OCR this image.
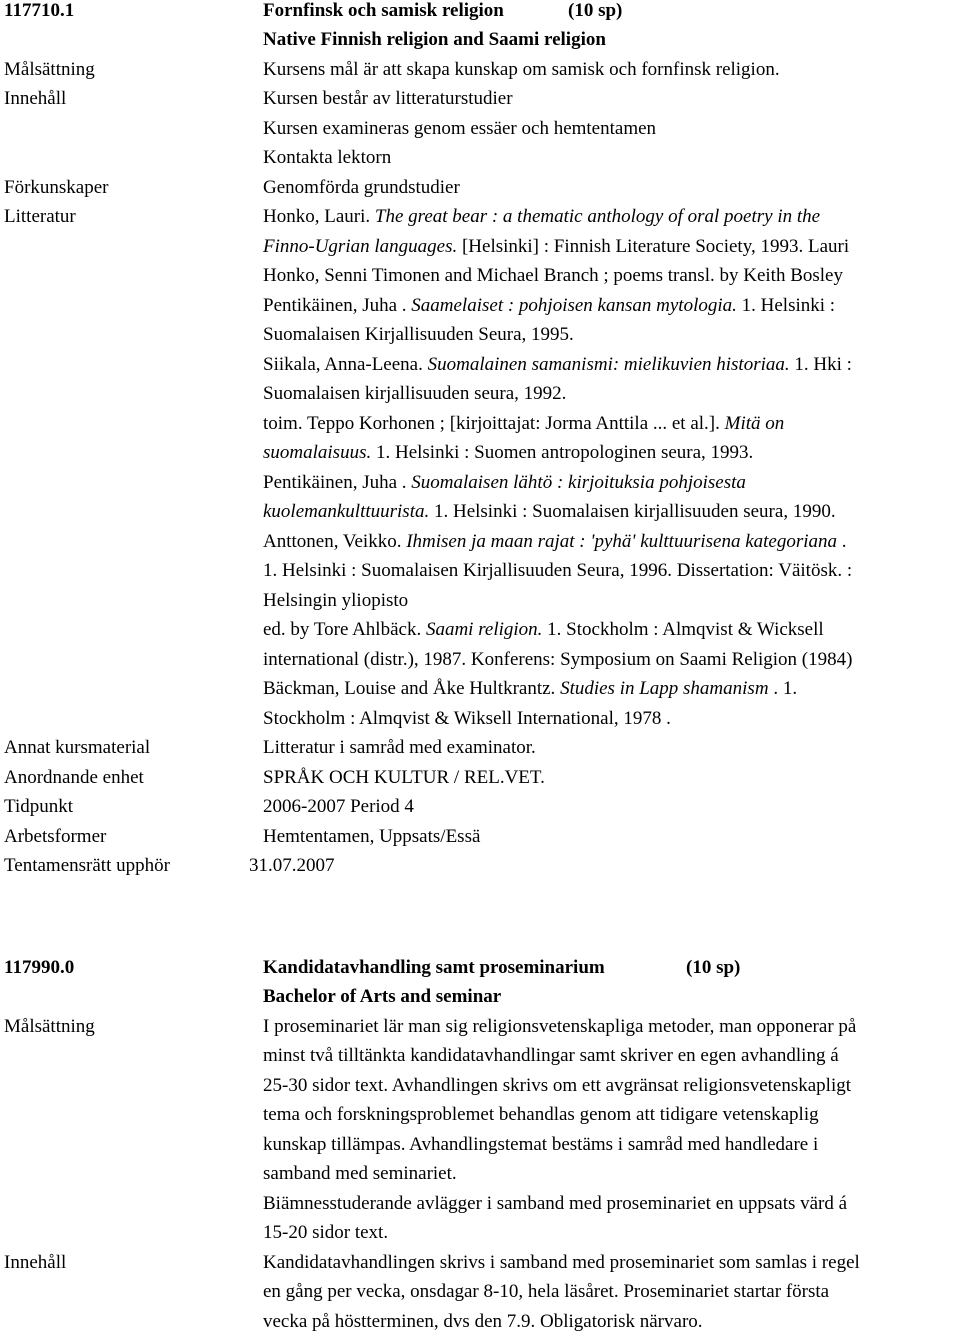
117710.1	Fornfinsk och samisk religion	(10 sp)
Native Finnish religion and Saami religion
Målsättning	Kursens mål är att skapa kunskap om samisk och fornfinsk religion.
Innehåll	Kursen består av litteraturstudier
Kursen examineras genom essäer och hemtentamen
Kontakta lektorn
Förkunskaper	Genomförda grundstudier
Litteratur	Honko, Lauri. The great bear : a thematic anthology of oral poetry in the
Finno-Ugrian languages. [Helsinki] : Finnish Literature Society, 1993. Lauri
Honko, Senni Timonen and Michael Branch ; poems transl. by Keith Bosley
Pentikäinen, Juha . Saamelaiset : pohjoisen kansan mytologia. 1. Helsinki :
Suomalaisen Kirjallisuuden Seura, 1995.
Siikala, Anna-Leena. Suomalainen samanismi: mielikuvien historiaa. 1. Hki :
Suomalaisen kirjallisuuden seura, 1992.
toim. Teppo Korhonen ; [kirjoittajat: Jorma Anttila ... et al.]. Mitä on
suomalaisuus. 1. Helsinki : Suomen antropologinen seura, 1993.
Pentikäinen, Juha . Suomalaisen lähtö : kirjoituksia pohjoisesta
kuolemankulttuurista. 1. Helsinki : Suomalaisen kirjallisuuden seura, 1990.
Anttonen, Veikko. Ihmisen ja maan rajat : 'pyhä' kulttuurisena kategoriana .
1. Helsinki : Suomalaisen Kirjallisuuden Seura, 1996. Dissertation: Väitösk. :
Helsingin yliopisto
ed. by Tore Ahlbäck. Saami religion. 1. Stockholm : Almqvist & Wicksell
international (distr.), 1987. Konferens: Symposium on Saami Religion (1984)
Bäckman, Louise and Åke Hultkrantz. Studies in Lapp shamanism . 1.
Stockholm : Almqvist & Wiksell International, 1978 .
Annat kursmaterial	Litteratur i samråd med examinator.
Anordnande enhet	SPRÅK OCH KULTUR / REL.VET.
Tidpunkt	2006-2007 Period 4
Arbetsformer	Hemtentamen, Uppsats/Essä
Tentamensrätt upphör	31.07.2007
117990.0	Kandidatavhandling samt proseminarium	(10 sp)
Bachelor of Arts and seminar
Målsättning	I proseminariet lär man sig religionsvetenskapliga metoder, man opponerar på
minst två tilltänkta kandidatavhandlingar samt skriver en egen avhandling á
25-30 sidor text. Avhandlingen skrivs om ett avgränsat religionsvetenskapligt
tema och forskningsproblemet behandlas genom att tidigare vetenskaplig
kunskap tillämpas. Avhandlingstemat bestäms i samråd med handledare i
samband med seminariet.
Biämnesstuderande avlägger i samband med proseminariet en uppsats värd á
15-20 sidor text.
Innehåll	Kandidatavhandlingen skrivs i samband med proseminariet som samlas i regel
en gång per vecka, onsdagar 8-10, hela läsåret. Proseminariet startar första
vecka på höstterminen, dvs den 7.9. Obligatorisk närvaro.
